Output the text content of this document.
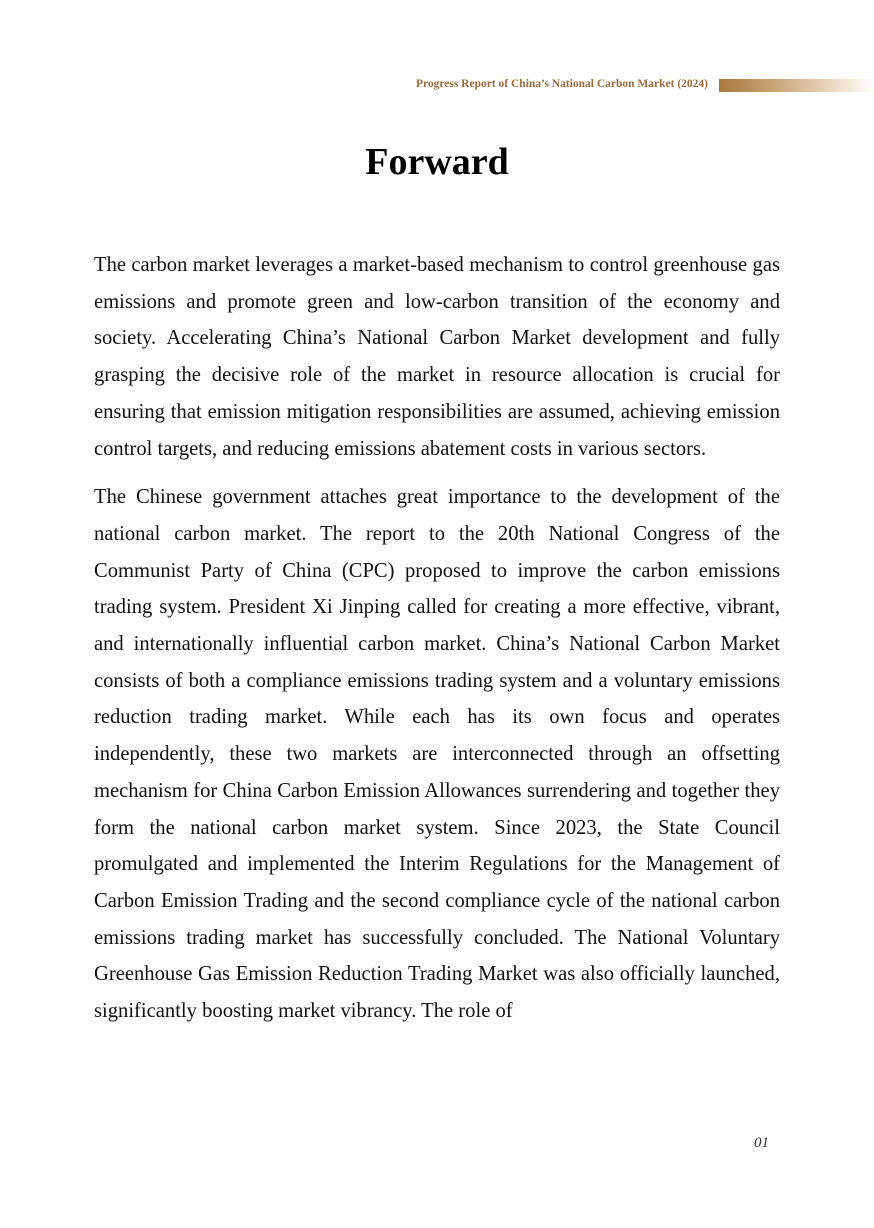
Progress Report of China’s National Carbon Market (2024)
Forward

The carbon market leverages a market-based mechanism to control greenhouse gas emissions and promote green and low-carbon transition of the economy and society. Accelerating China’s National Carbon Market development and fully grasping the decisive role of the market in resource allocation is crucial for ensuring that emission mitigation responsibilities are assumed, achieving emission control targets, and reducing emissions abatement costs in various sectors.

The Chinese government attaches great importance to the development of the national carbon market. The report to the 20th National Congress of the Communist Party of China (CPC) proposed to improve the carbon emissions trading system. President Xi Jinping called for creating a more effective, vibrant, and internationally influential carbon market. China’s National Carbon Market consists of both a compliance emissions trading system and a voluntary emissions reduction trading market. While each has its own focus and operates independently, these two markets are interconnected through an offsetting mechanism for China Carbon Emission Allowances surrendering and together they form the national carbon market system. Since 2023, the State Council promulgated and implemented the Interim Regulations for the Management of Carbon Emission Trading and the second compliance cycle of the national carbon emissions trading market has successfully concluded. The National Voluntary Greenhouse Gas Emission Reduction Trading Market was also officially launched, significantly boosting market vibrancy. The role of

01
